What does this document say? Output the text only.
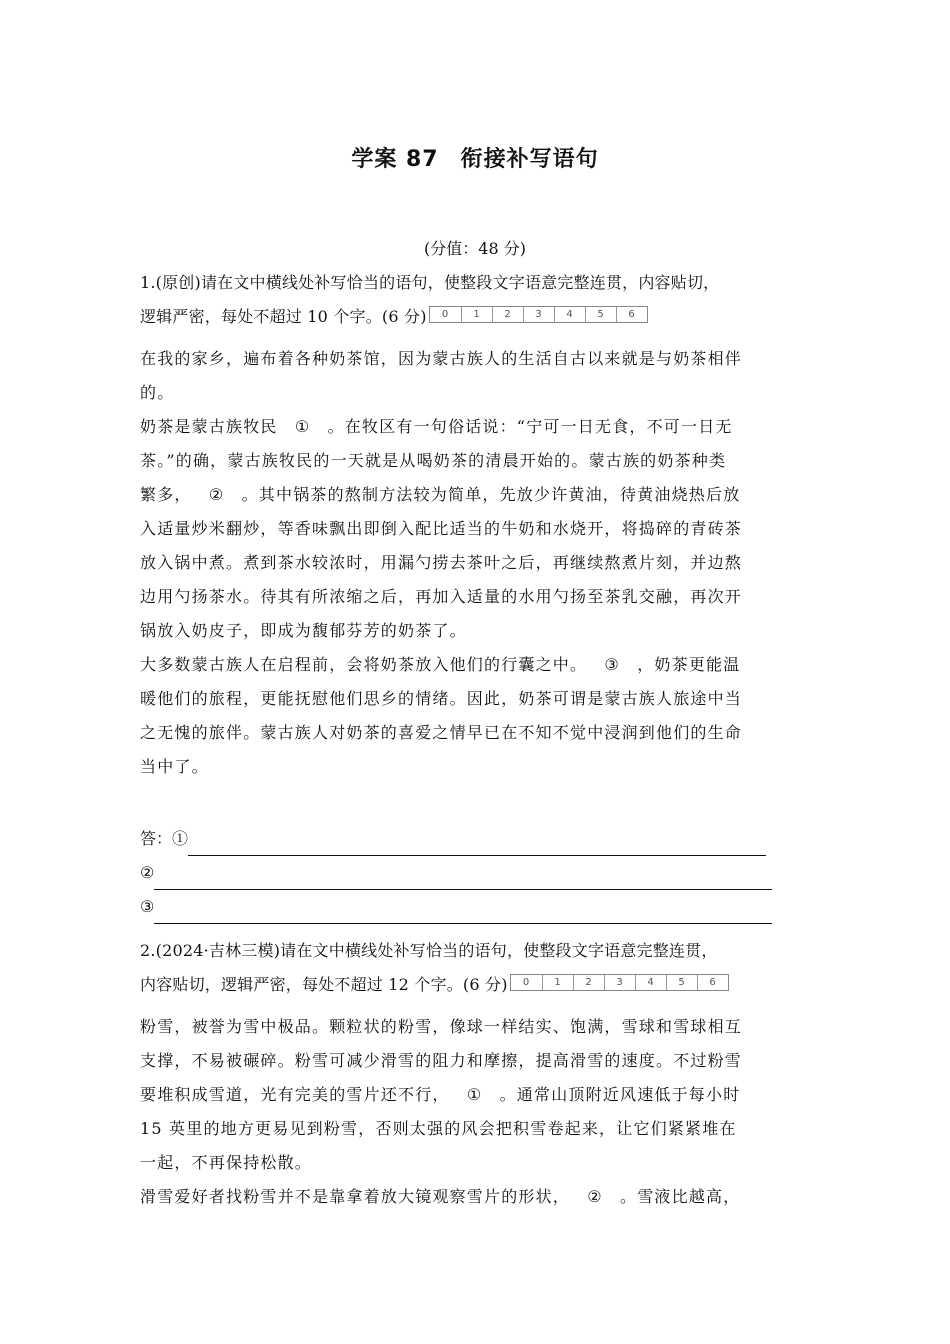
学案 87 衔接补写语句
(分值：48 分)
1.(原创)请在文中横线处补写恰当的语句，使整段文字语意完整连贯，内容贴切，
逻辑严密，每处不超过 10 个字。(6 分)	0	1	2	3	4	5	6
在我的家乡，遍布着各种奶茶馆，因为蒙古族人的生活自古以来就是与奶茶相伴
的。
奶茶是蒙古族牧民 ① 。在牧区有一句俗话说：“宁可一日无食，不可一日无
茶。”的确，蒙古族牧民的一天就是从喝奶茶的清晨开始的。蒙古族的奶茶种类
繁多， ② 。其中锅茶的熬制方法较为简单，先放少许黄油，待黄油烧热后放
入适量炒米翻炒，等香味飘出即倒入配比适当的牛奶和水烧开，将捣碎的青砖茶
放入锅中煮。煮到茶水较浓时，用漏勺捞去茶叶之后，再继续熬煮片刻，并边熬
边用勺扬茶水。待其有所浓缩之后，再加入适量的水用勺扬至茶乳交融，再次开
锅放入奶皮子，即成为馥郁芬芳的奶茶了。
大多数蒙古族人在启程前，会将奶茶放入他们的行囊之中。 ③ ，奶茶更能温
暖他们的旅程，更能抚慰他们思乡的情绪。因此，奶茶可谓是蒙古族人旅途中当
之无愧的旅伴。蒙古族人对奶茶的喜爱之情早已在不知不觉中浸润到他们的生命
当中了。
答：①
②
③
2.(2024·吉林三模)请在文中横线处补写恰当的语句，使整段文字语意完整连贯，
内容贴切，逻辑严密，每处不超过 12 个字。(6 分)	0	1	2	3	4	5	6
粉雪，被誉为雪中极品。颗粒状的粉雪，像球一样结实、饱满，雪球和雪球相互
支撑，不易被碾碎。粉雪可减少滑雪的阻力和摩擦，提高滑雪的速度。不过粉雪
要堆积成雪道，光有完美的雪片还不行， ① 。通常山顶附近风速低于每小时
15 英里的地方更易见到粉雪，否则太强的风会把积雪卷起来，让它们紧紧堆在
一起，不再保持松散。
滑雪爱好者找粉雪并不是靠拿着放大镜观察雪片的形状， ② 。雪液比越高，
